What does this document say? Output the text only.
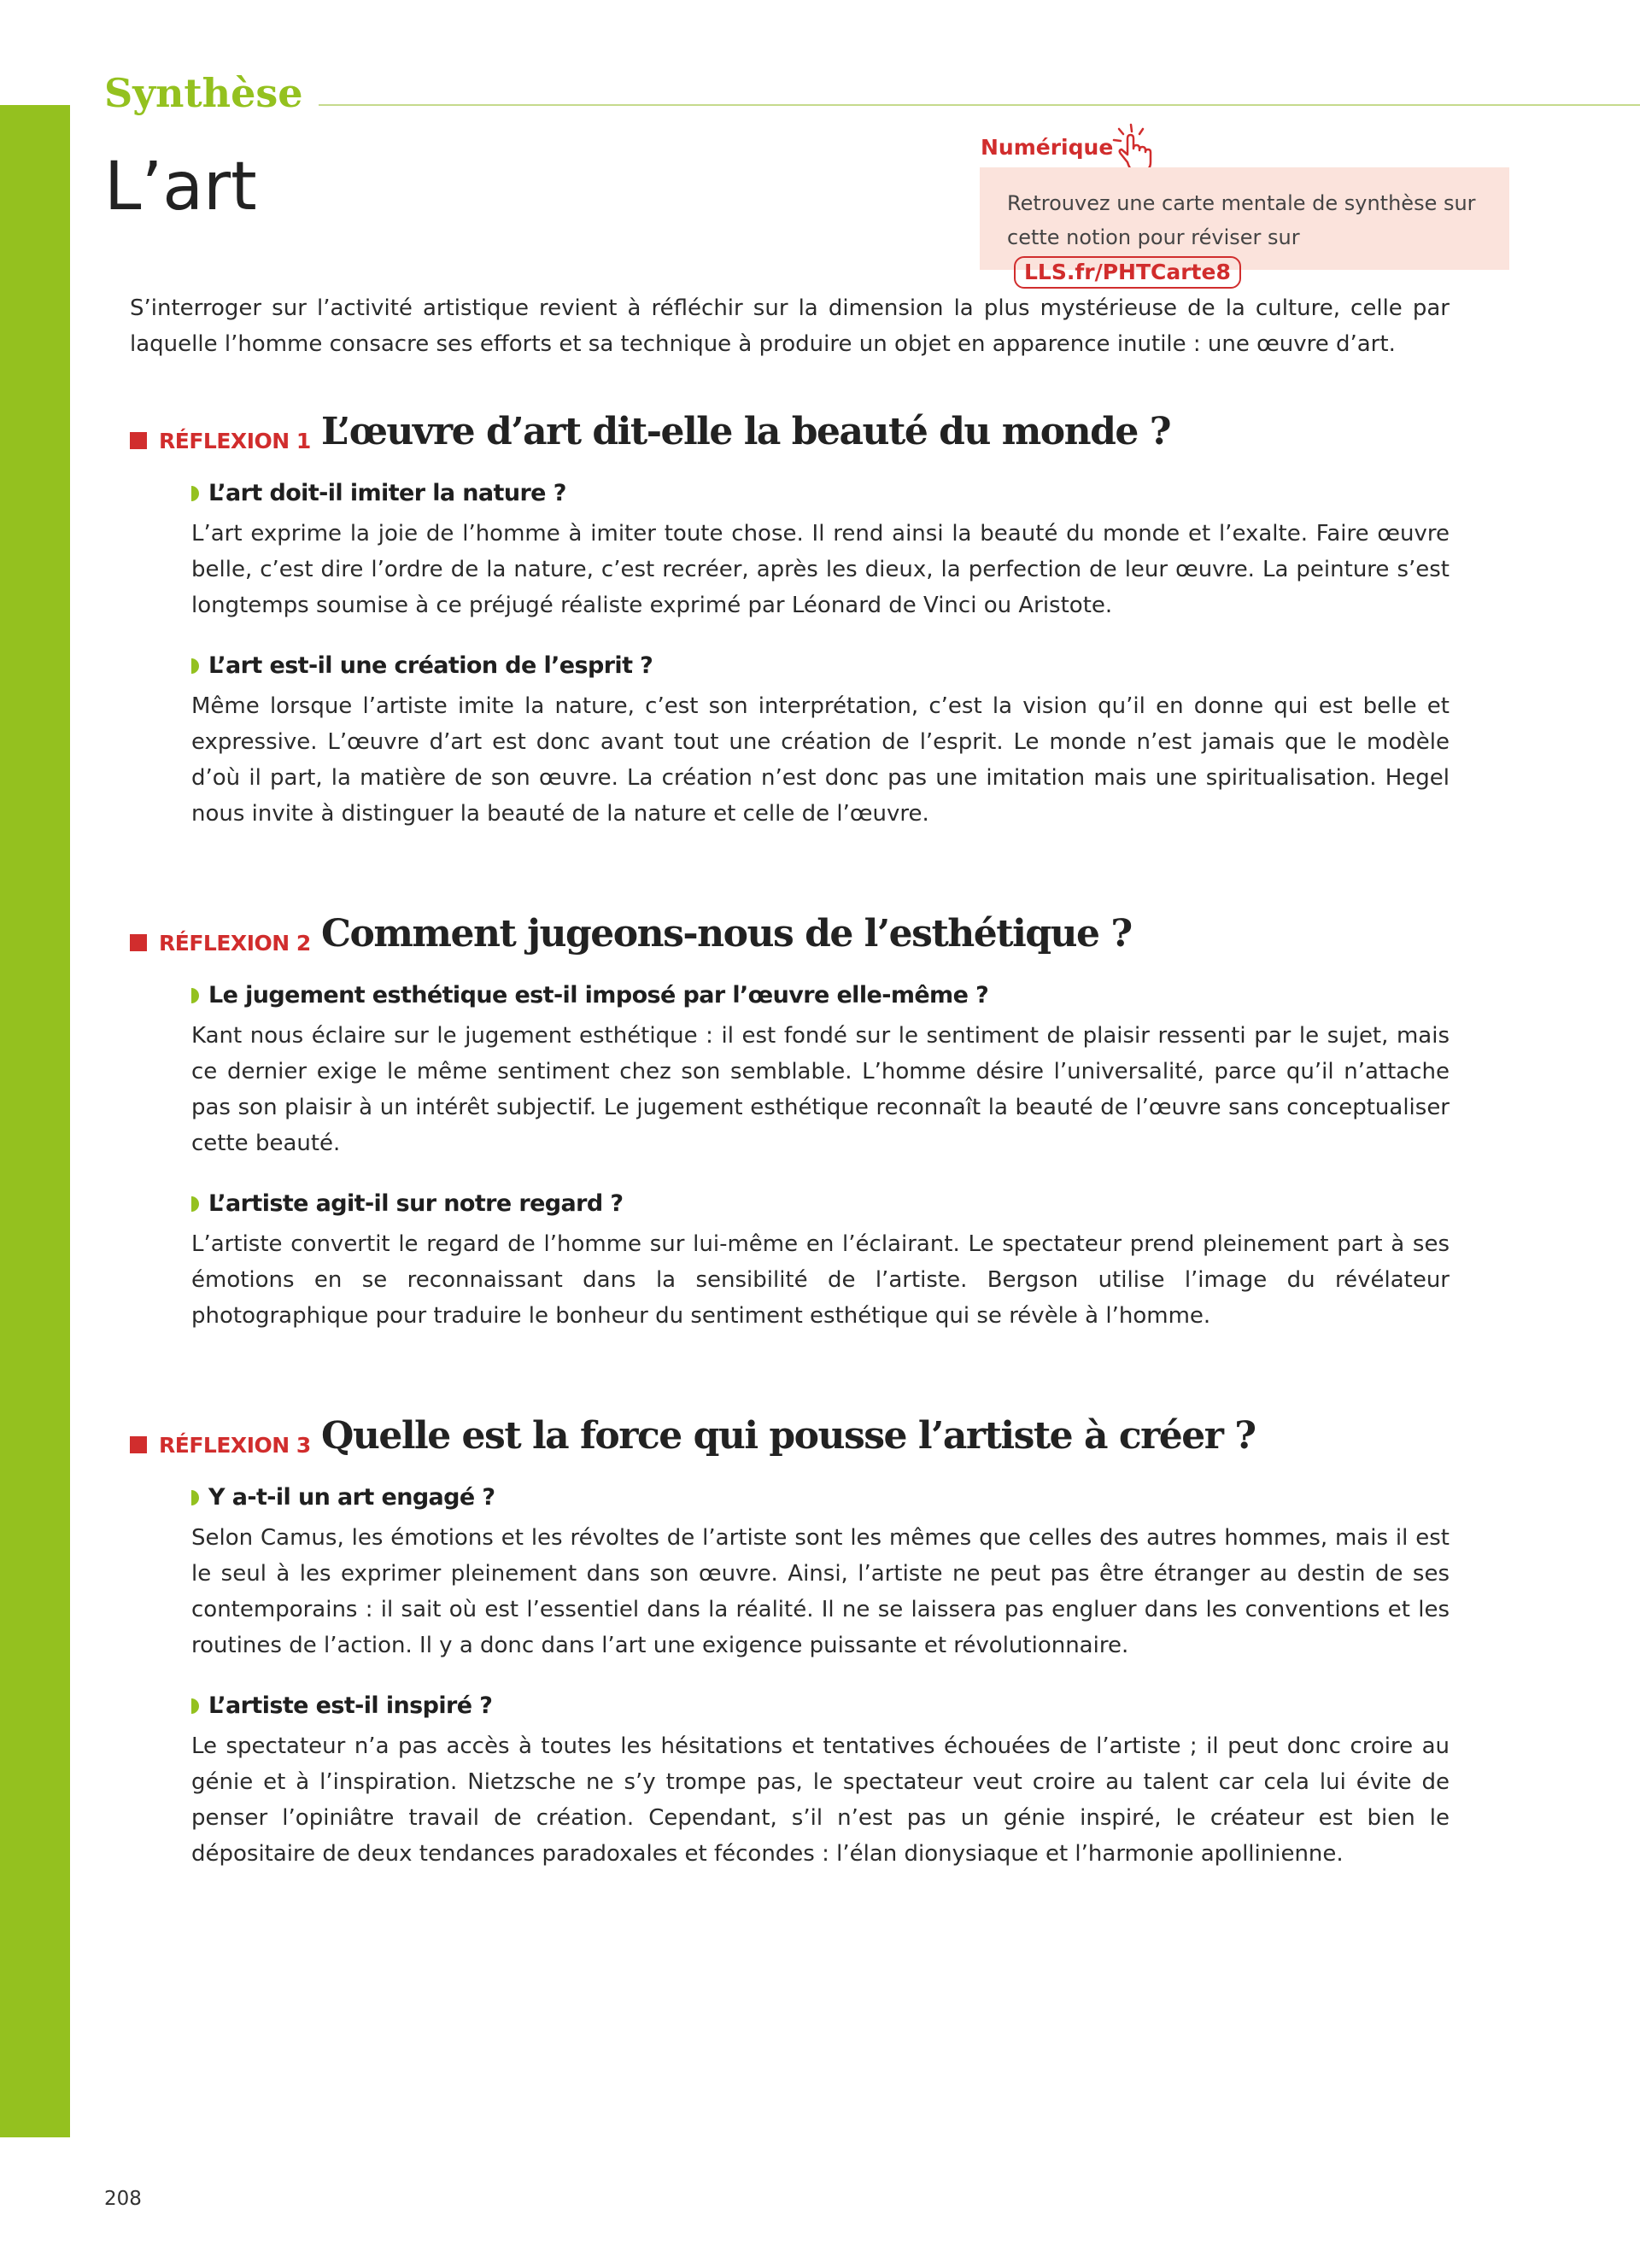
Synthèse
L’art
Numérique
Retrouvez une carte mentale de synthèse sur cette notion pour réviser sur LLS.fr/PHTCarte8

S’interroger sur l’activité artistique revient à réfléchir sur la dimension la plus mystérieuse de la culture, celle par laquelle l’homme consacre ses efforts et sa technique à produire un objet en apparence inutile : une œuvre d’art.

RÉFLEXION 1 L’œuvre d’art dit-elle la beauté du monde ?
L’art doit-il imiter la nature ?

L’art exprime la joie de l’homme à imiter toute chose. Il rend ainsi la beauté du monde et l’exalte. Faire œuvre belle, c’est dire l’ordre de la nature, c’est recréer, après les dieux, la perfection de leur œuvre. La peinture s’est longtemps soumise à ce préjugé réaliste exprimé par Léonard de Vinci ou Aristote.

L’art est-il une création de l’esprit ?

Même lorsque l’artiste imite la nature, c’est son interprétation, c’est la vision qu’il en donne qui est belle et expressive. L’œuvre d’art est donc avant tout une création de l’esprit. Le monde n’est jamais que le modèle d’où il part, la matière de son œuvre. La création n’est donc pas une imitation mais une spiritualisation. Hegel nous invite à distinguer la beauté de la nature et celle de l’œuvre.

RÉFLEXION 2 Comment jugeons-nous de l’esthétique ?
Le jugement esthétique est-il imposé par l’œuvre elle-même ?

Kant nous éclaire sur le jugement esthétique : il est fondé sur le sentiment de plaisir ressenti par le sujet, mais ce dernier exige le même sentiment chez son semblable. L’homme désire l’universalité, parce qu’il n’attache pas son plaisir à un intérêt subjectif. Le jugement esthétique reconnaît la beauté de l’œuvre sans conceptualiser cette beauté.

L’artiste agit-il sur notre regard ?

L’artiste convertit le regard de l’homme sur lui-même en l’éclairant. Le spectateur prend pleinement part à ses émotions en se reconnaissant dans la sensibilité de l’artiste. Bergson utilise l’image du révélateur photographique pour traduire le bonheur du sentiment esthétique qui se révèle à l’homme.

RÉFLEXION 3 Quelle est la force qui pousse l’artiste à créer ?
Y a-t-il un art engagé ?

Selon Camus, les émotions et les révoltes de l’artiste sont les mêmes que celles des autres hommes, mais il est le seul à les exprimer pleinement dans son œuvre. Ainsi, l’artiste ne peut pas être étranger au destin de ses contemporains : il sait où est l’essentiel dans la réalité. Il ne se laissera pas engluer dans les conventions et les routines de l’action. Il y a donc dans l’art une exigence puissante et révolutionnaire.

L’artiste est-il inspiré ?

Le spectateur n’a pas accès à toutes les hésitations et tentatives échouées de l’artiste ; il peut donc croire au génie et à l’inspiration. Nietzsche ne s’y trompe pas, le spectateur veut croire au talent car cela lui évite de penser l’opiniâtre travail de création. Cependant, s’il n’est pas un génie inspiré, le créateur est bien le dépositaire de deux tendances paradoxales et fécondes : l’élan dionysiaque et l’harmonie apollinienne.

208
